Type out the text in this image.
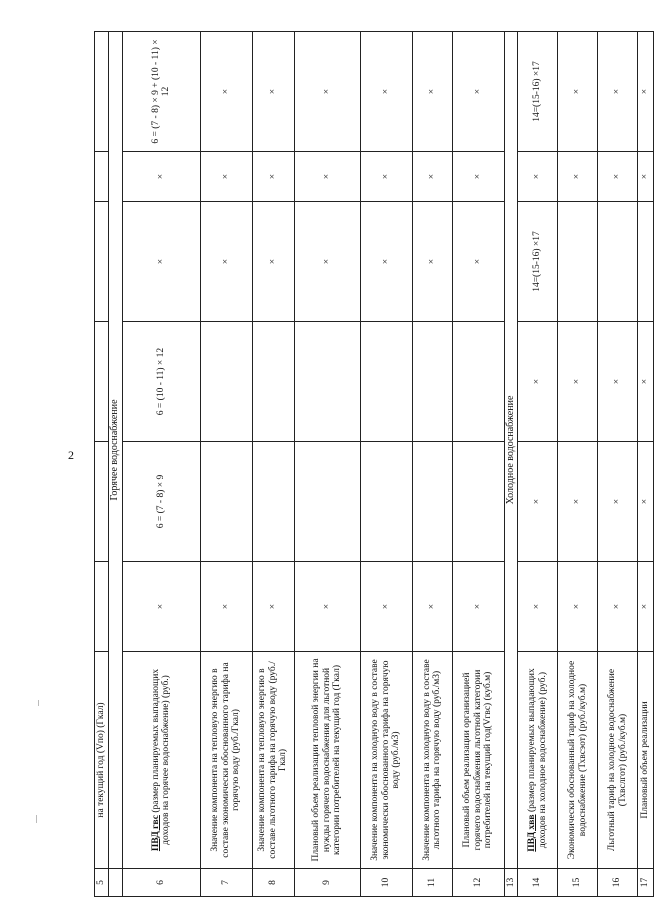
2
5	на текущий год (Vпо) (Гкал)						
	Горячее водоснабжение						
6	ПВД гвс (размер планируемых выпадающих доходов на горячее водоснабжение) (руб.)	×	6 = (7 - 8) × 9	6 = (10 - 11) × 12	×	×	6 = (7 - 8) × 9 + (10 - 11) × 12
7	Значение компонента на тепловую энергию в составе экономически обоснованного тарифа на горячую воду (руб./Гкал)	×			×	×	×
8	Значение компонента на тепловую энергию в составе льготного тарифа на горячую воду (руб./Гкал)	×			×	×	×
9	Плановый объем реализации тепловой энергии на нужды горячего водоснабжения для льготной категории потребителей на текущий год (Гкал)	×			×	×	×
10	Значение компонента на холодную воду в составе экономически обоснованного тарифа на горячую воду (руб./м3)	×			×	×	×
11	Значение компонента на холодную воду в составе льготного тарифа на горячую воду (руб./м3)	×			×	×	×
12	Плановый объем реализации организацией горячего водоснабжения льготной категории потребителей на текущий год(Vгвс) (куб.м)	×			×	×	×
13	Холодное водоснабжение						
14	ПВД хвв (размер планируемых выпадающих доходов на холодное водоснабжение) (руб.)	×	×	×	14=(15-16) ×17	×	14=(15-16) ×17
15	Экономически обоснованный тариф на холодное водоснабжение (Тхвсэот) (руб./куб.м)	×	×	×		×	×
16	Льготный тариф на холодное водоснабжение (Тхвслгот) (руб./куб.м)	×	×	×		×	×
17	Плановый объем реализации	×	×	×		×	×
